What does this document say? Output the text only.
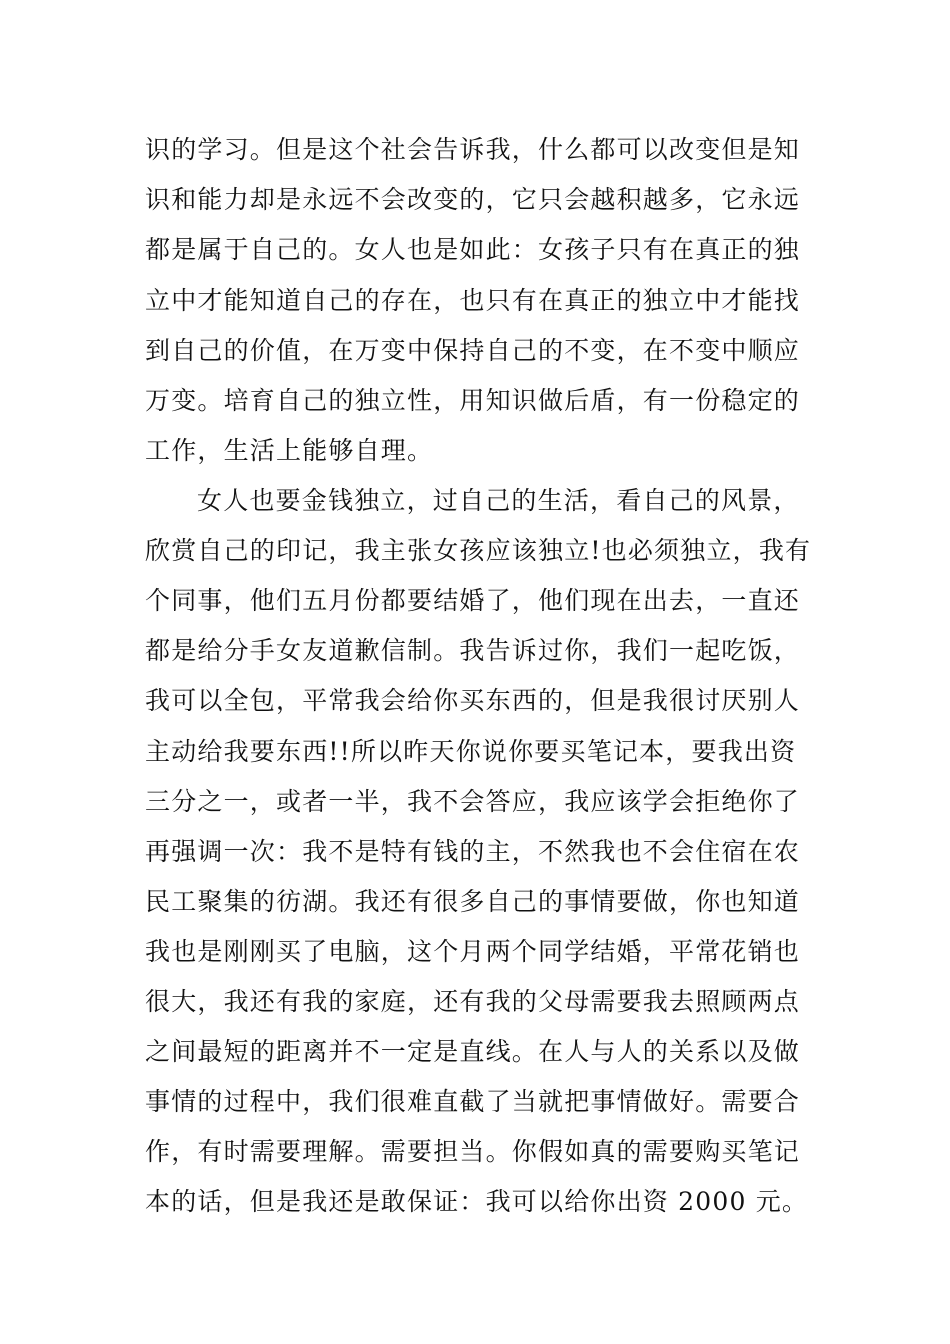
识的学习。但是这个社会告诉我，什么都可以改变但是知
识和能力却是永远不会改变的，它只会越积越多，它永远
都是属于自己的。女人也是如此：女孩子只有在真正的独
立中才能知道自己的存在，也只有在真正的独立中才能找
到自己的价值，在万变中保持自己的不变，在不变中顺应
万变。培育自己的独立性，用知识做后盾，有一份稳定的
工作，生活上能够自理。
女人也要金钱独立，过自己的生活，看自己的风景，
欣赏自己的印记，我主张女孩应该独立!也必须独立，我有
个同事，他们五月份都要结婚了，他们现在出去，一直还
都是给分手女友道歉信制。我告诉过你，我们一起吃饭，
我可以全包，平常我会给你买东西的，但是我很讨厌别人
主动给我要东西!!所以昨天你说你要买笔记本，要我出资
三分之一，或者一半，我不会答应，我应该学会拒绝你了
再强调一次：我不是特有钱的主，不然我也不会住宿在农
民工聚集的彷湖。我还有很多自己的事情要做，你也知道
我也是刚刚买了电脑，这个月两个同学结婚，平常花销也
很大，我还有我的家庭，还有我的父母需要我去照顾两点
之间最短的距离并不一定是直线。在人与人的关系以及做
事情的过程中，我们很难直截了当就把事情做好。需要合
作，有时需要理解。需要担当。你假如真的需要购买笔记
本的话，但是我还是敢保证：我可以给你出资 2000 元。
